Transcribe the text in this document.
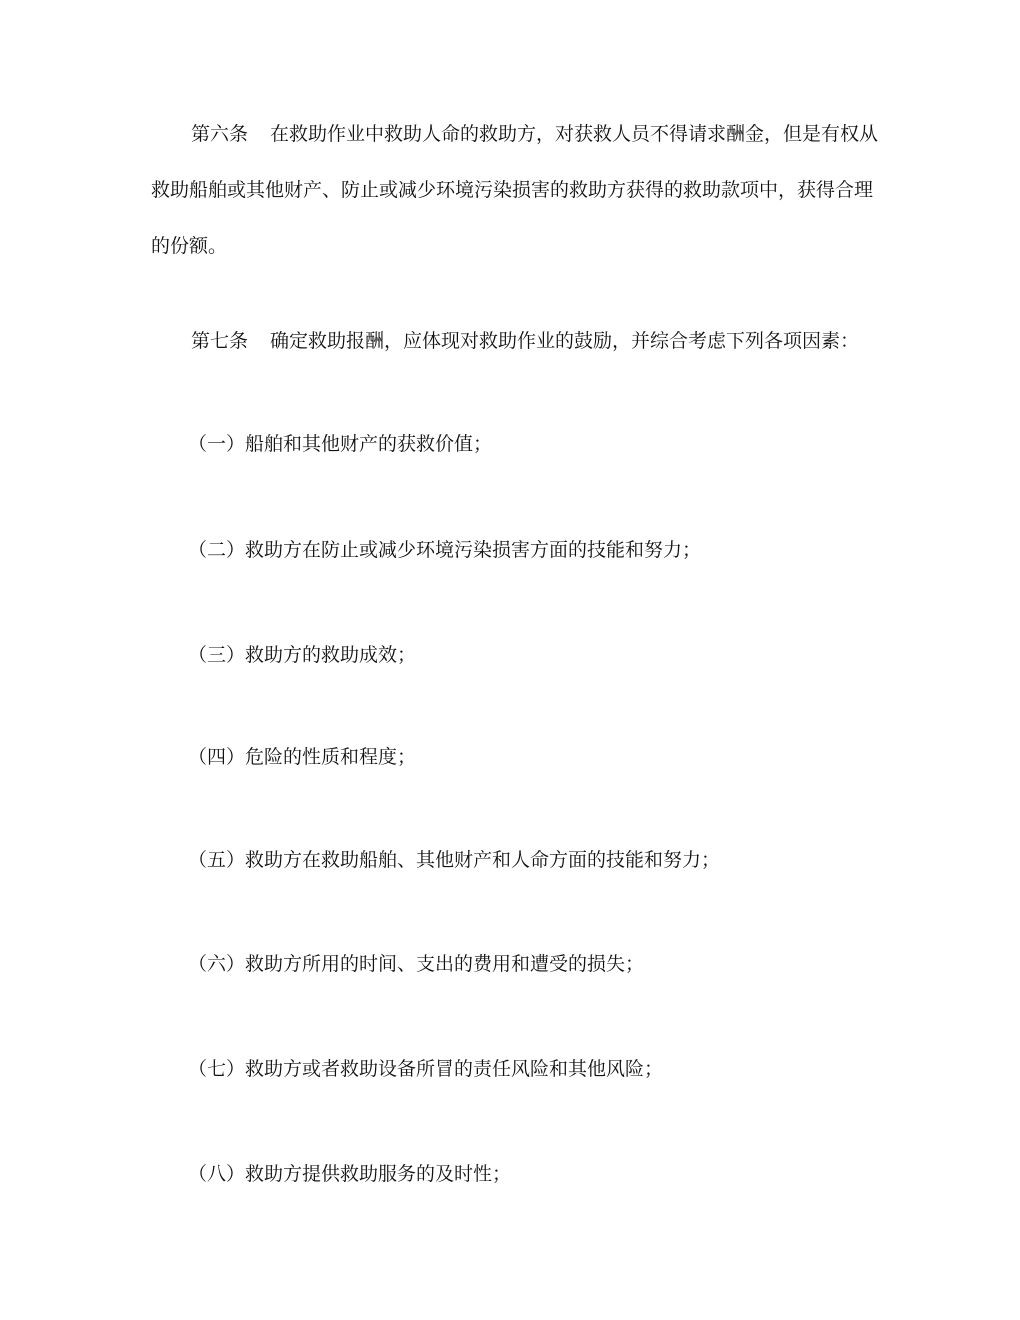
第六条 在救助作业中救助人命的救助方，对获救人员不得请求酬金，但是有权从救助船舶或其他财产、防止或减少环境污染损害的救助方获得的救助款项中，获得合理的份额。

第七条 确定救助报酬，应体现对救助作业的鼓励，并综合考虑下列各项因素：

（一）船舶和其他财产的获救价值；

（二）救助方在防止或减少环境污染损害方面的技能和努力；

（三）救助方的救助成效；

（四）危险的性质和程度；

（五）救助方在救助船舶、其他财产和人命方面的技能和努力；

（六）救助方所用的时间、支出的费用和遭受的损失；

（七）救助方或者救助设备所冒的责任风险和其他风险；

（八）救助方提供救助服务的及时性；
